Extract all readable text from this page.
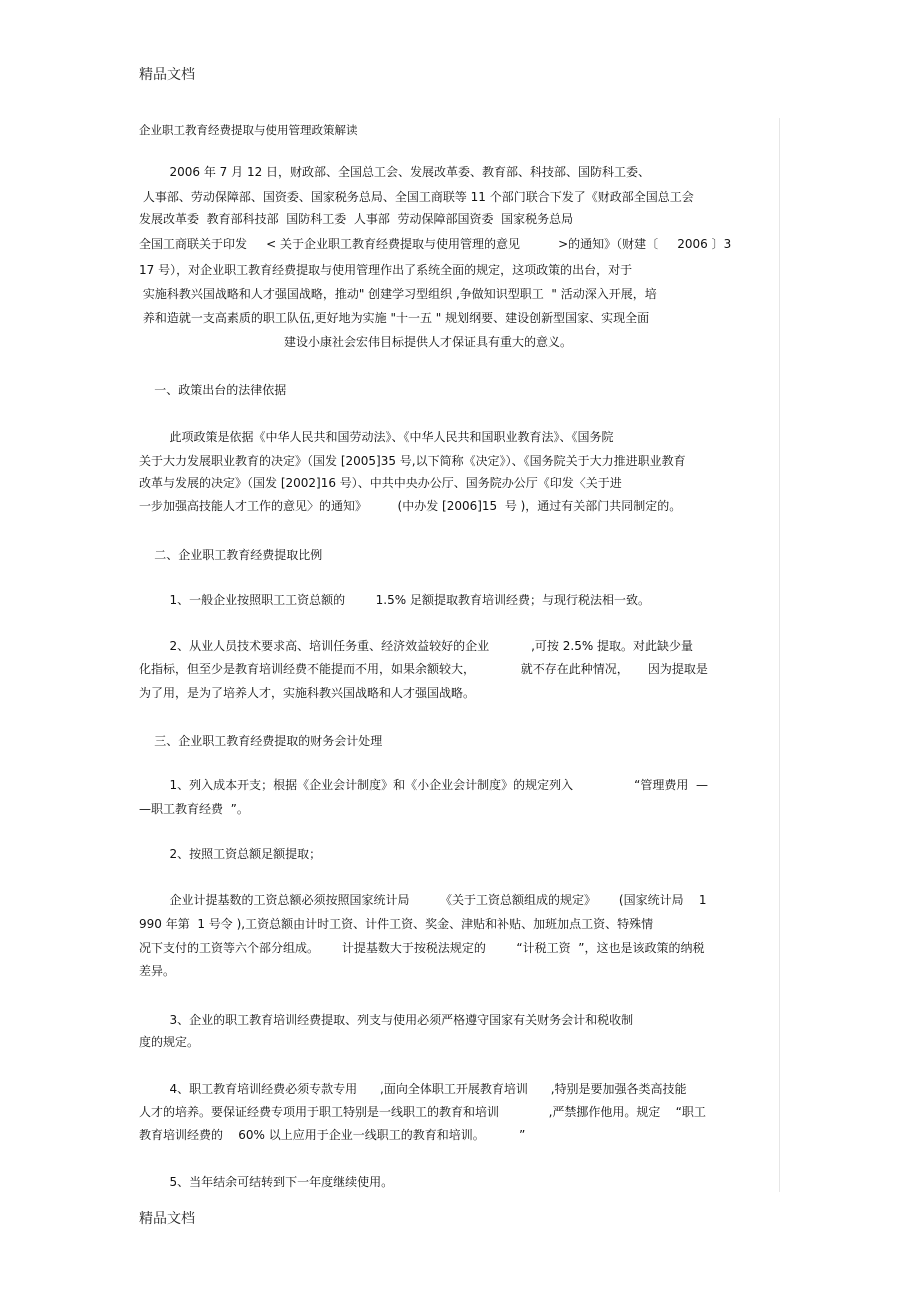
精品文档
企业职工教育经费提取与使用管理政策解读
2006 年 7 月 12 日，财政部、全国总工会、发展改革委、教育部、科技部、国防科工委、
人事部、劳动保障部、国资委、国家税务总局、全国工商联等 11 个部门联合下发了《财政部全国总工会
发展改革委  教育部科技部  国防科工委  人事部  劳动保障部国资委  国家税务总局
全国工商联关于印发     < 关于企业职工教育经费提取与使用管理的意见          >的通知》（财建〔     2006 〕3
17 号），对企业职工教育经费提取与使用管理作出了系统全面的规定，这项政策的出台，对于
实施科教兴国战略和人才强国战略，推动" 创建学习型组织 ,争做知识型职工  " 活动深入开展，培
养和造就一支高素质的职工队伍,更好地为实施 "十一五 " 规划纲要、建设创新型国家、实现全面
建设小康社会宏伟目标提供人才保证具有重大的意义。
一、政策出台的法律依据
此项政策是依据《中华人民共和国劳动法》、《中华人民共和国职业教育法》、《国务院
关于大力发展职业教育的决定》（国发 [2005]35 号,以下简称《决定》）、《国务院关于大力推进职业教育
改革与发展的决定》（国发 [2002]16 号）、中共中央办公厅、国务院办公厅《印发〈关于进
一步加强高技能人才工作的意见〉的通知》        (中办发 [2006]15  号 )，通过有关部门共同制定的。
二、企业职工教育经费提取比例
1、一般企业按照职工工资总额的        1.5% 足额提取教育培训经费；与现行税法相一致。
2、从业人员技术要求高、培训任务重、经济效益较好的企业           ,可按 2.5% 提取。对此缺少量
化指标，但至少是教育培训经费不能提而不用，如果余额较大，            就不存在此种情况，     因为提取是
为了用，是为了培养人才，实施科教兴国战略和人才强国战略。
三、企业职工教育经费提取的财务会计处理
1、列入成本开支；根据《企业会计制度》和《小企业会计制度》的规定列入                “管理费用  —
—职工教育经费  ”。
2、按照工资总额足额提取；
企业计提基数的工资总额必须按照国家统计局        《关于工资总额组成的规定》      (国家统计局    1
990 年第  1 号令 ),工资总额由计时工资、计件工资、奖金、津贴和补贴、加班加点工资、特殊情
况下支付的工资等六个部分组成。      计提基数大于按税法规定的        “计税工资  ”，这也是该政策的纳税
差异。
3、企业的职工教育培训经费提取、列支与使用必须严格遵守国家有关财务会计和税收制
度的规定。
4、职工教育培训经费必须专款专用      ,面向全体职工开展教育培训      ,特别是要加强各类高技能
人才的培养。要保证经费专项用于职工特别是一线职工的教育和培训             ,严禁挪作他用。规定    “职工
教育培训经费的    60% 以上应用于企业一线职工的教育和培训。         ”
5、当年结余可结转到下一年度继续使用。
精品文档
